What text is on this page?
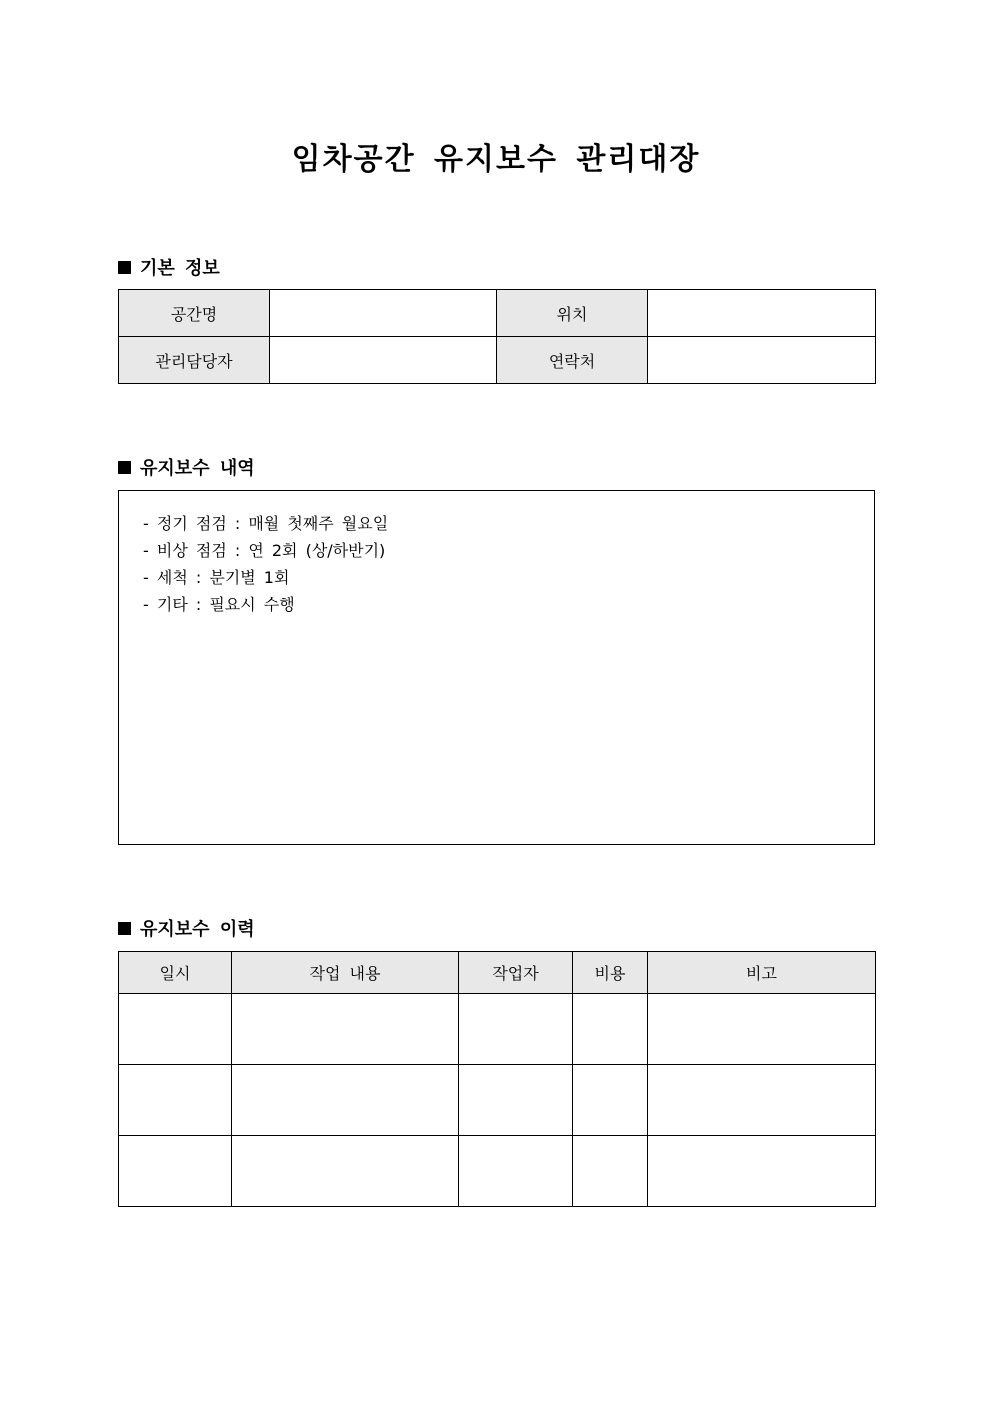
임차공간 유지보수 관리대장
기본 정보
공간명		위치	
관리담당자		연락처	
유지보수 내역
- 정기 점검 : 매월 첫째주 월요일
- 비상 점검 : 연 2회 (상/하반기)
- 세척 : 분기별 1회
- 기타 : 필요시 수행
유지보수 이력
일시	작업 내용	작업자	비용	비고
